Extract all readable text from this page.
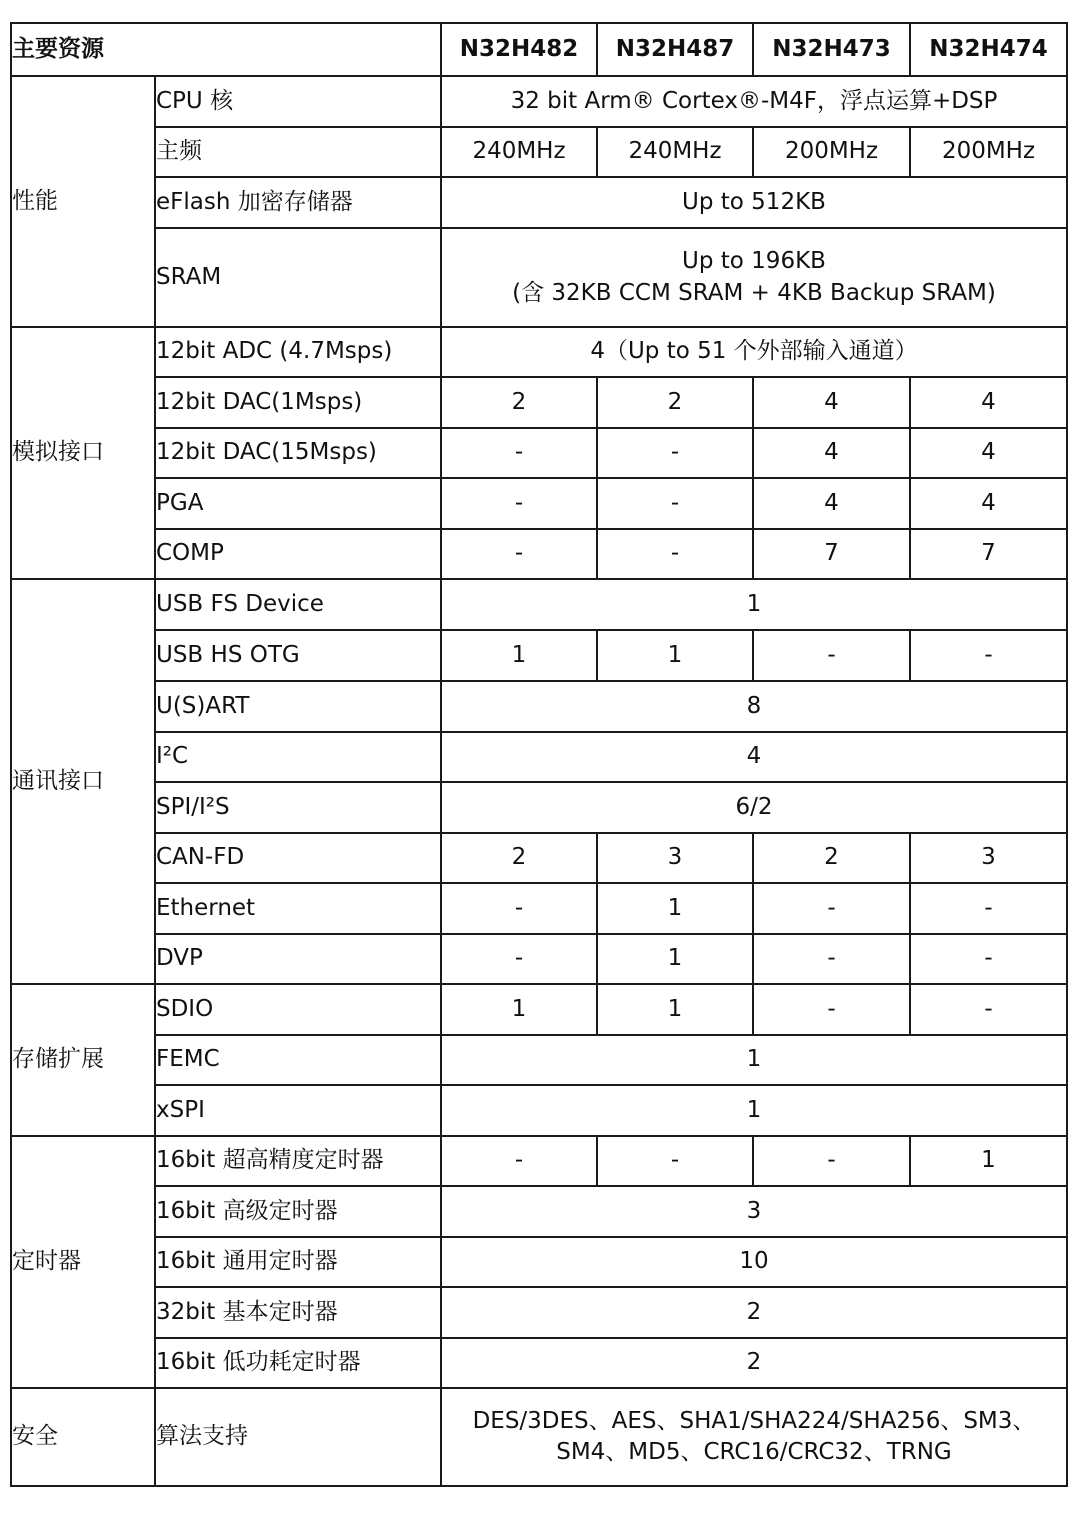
主要资源		N32H482	N32H487	N32H473	N32H474
性能	CPU 核	32 bit Arm® Cortex®-M4F，浮点运算+DSP			
	主频	240MHz	240MHz	200MHz	200MHz
	eFlash 加密存储器	Up to 512KB			
	SRAM	Up to 196KB
(含 32KB CCM SRAM + 4KB Backup SRAM)			

模拟接口	12bit ADC (4.7Msps)	4（Up to 51 个外部输入通道）			
	12bit DAC(1Msps)	2	2	4	4
	12bit DAC(15Msps)	-	-	4	4
	PGA	-	-	4	4
	COMP	-	-	7	7
通讯接口	USB FS Device	1			
	USB HS OTG	1	1	-	-
	U(S)ART	8			
	I²C	4			
	SPI/I²S	6/2			
	CAN-FD	2	3	2	3
	Ethernet	-	1	-	-
	DVP	-	1	-	-
存储扩展	SDIO	1	1	-	-
	FEMC	1			
	xSPI	1			
定时器	16bit 超高精度定时器	-	-	-	1
	16bit 高级定时器	3			
	16bit 通用定时器	10			
	32bit 基本定时器	2			
	16bit 低功耗定时器	2			
安全	算法支持	DES/3DES、AES、SHA1/SHA224/SHA256、SM3、
SM4、MD5、CRC16/CRC32、TRNG			
